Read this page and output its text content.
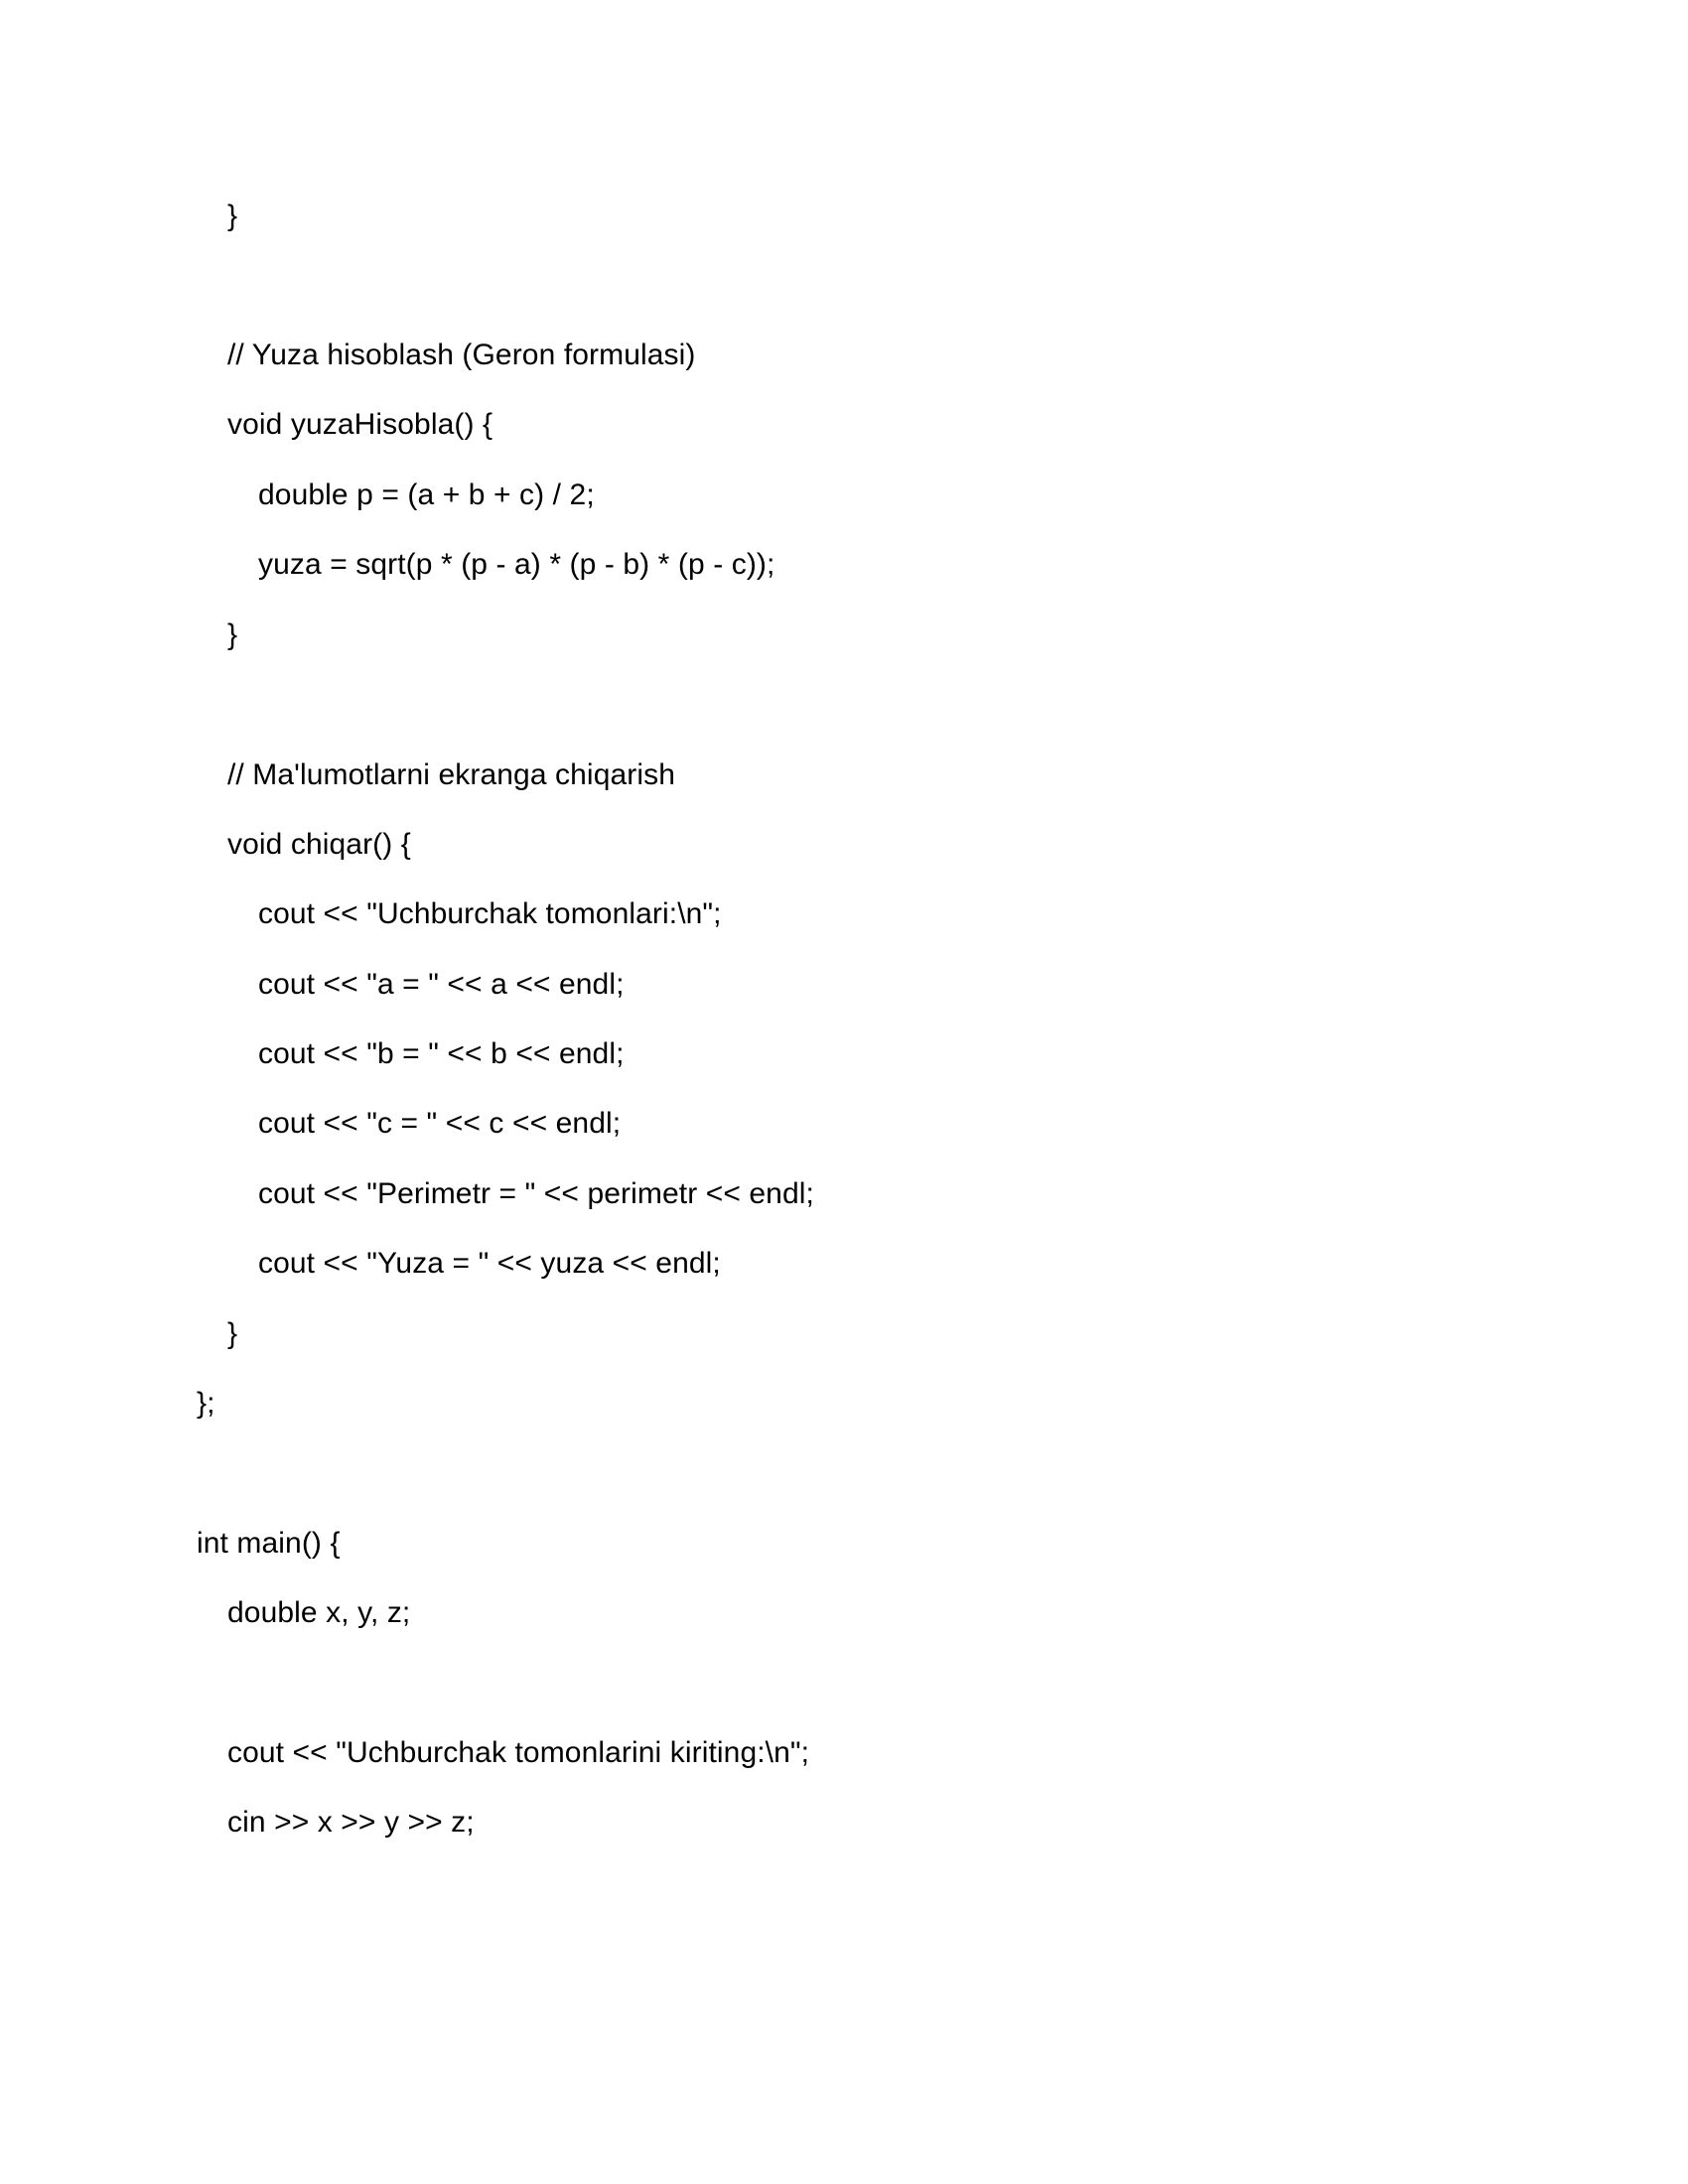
}
// Yuza hisoblash (Geron formulasi)
void yuzaHisobla() {
double p = (a + b + c) / 2;
yuza = sqrt(p * (p - a) * (p - b) * (p - c));
}
// Ma'lumotlarni ekranga chiqarish
void chiqar() {
cout << "Uchburchak tomonlari:\n";
cout << "a = " << a << endl;
cout << "b = " << b << endl;
cout << "c = " << c << endl;
cout << "Perimetr = " << perimetr << endl;
cout << "Yuza = " << yuza << endl;
}
};
int main() {
double x, y, z;
cout << "Uchburchak tomonlarini kiriting:\n";
cin >> x >> y >> z;
